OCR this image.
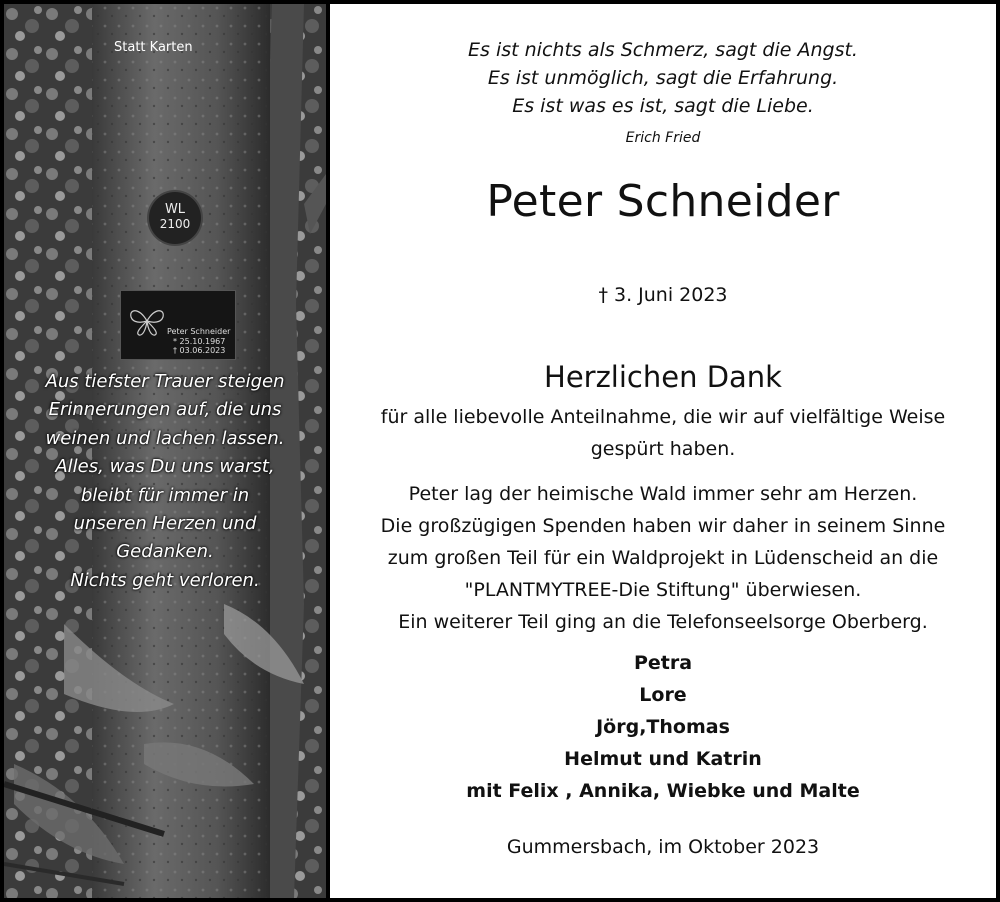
Statt Karten
WL
2100
Peter Schneider
* 25.10.1967
† 03.06.2023
Aus tiefster Trauer steigen
Erinnerungen auf, die uns
weinen und lachen lassen.
Alles, was Du uns warst,
bleibt für immer in
unseren Herzen und
Gedanken.
Nichts geht verloren.
Es ist nichts als Schmerz, sagt die Angst.
Es ist unmöglich, sagt die Erfahrung.
Es ist was es ist, sagt die Liebe.
Erich Fried
Peter Schneider
† 3. Juni 2023
Herzlichen Dank
für alle liebevolle Anteilnahme, die wir auf vielfältige Weise
gespürt haben.
Peter lag der heimische Wald immer sehr am Herzen.
Die großzügigen Spenden haben wir daher in seinem Sinne
zum großen Teil für ein Waldprojekt in Lüdenscheid an die
"PLANTMYTREE-Die Stiftung" überwiesen.
Ein weiterer Teil ging an die Telefonseelsorge Oberberg.
Petra
Lore
Jörg,Thomas
Helmut und Katrin
mit Felix , Annika, Wiebke und Malte
Gummersbach, im Oktober 2023
